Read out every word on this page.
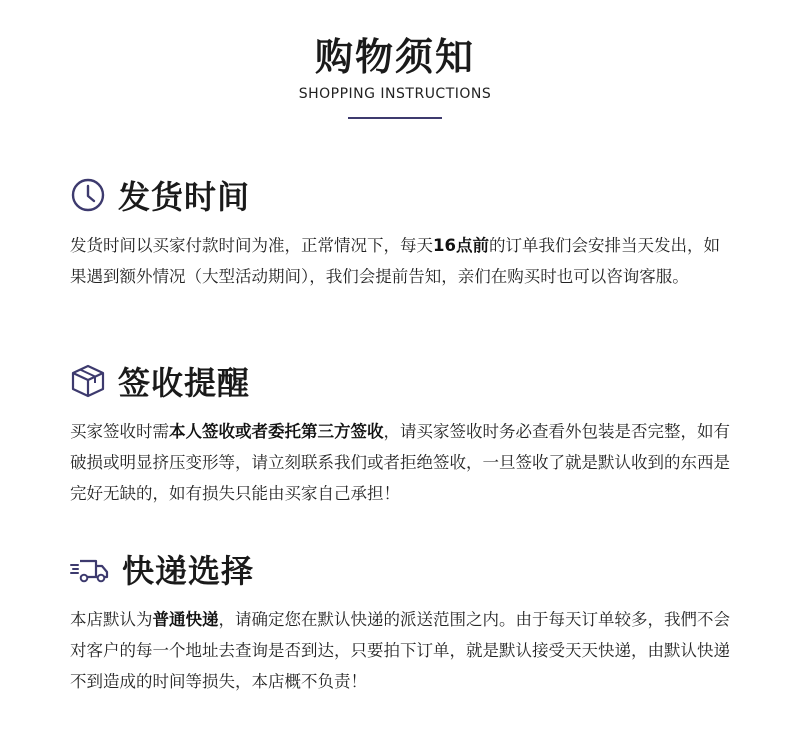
购物须知
SHOPPING INSTRUCTIONS
发货时间

发货时间以买家付款时间为准，正常情况下，每天16点前的订单我们会安排当天发出，如果遇到额外情况（大型活动期间），我们会提前告知，亲们在购买时也可以咨询客服。

签收提醒

买家签收时需本人签收或者委托第三方签收，请买家签收时务必查看外包装是否完整，如有破损或明显挤压变形等，请立刻联系我们或者拒绝签收，一旦签收了就是默认收到的东西是完好无缺的，如有损失只能由买家自己承担！

快递选择

本店默认为普通快递，请确定您在默认快递的派送范围之内。由于每天订单较多，我們不会对客户的每一个地址去查询是否到达，只要拍下订单，就是默认接受天天快递，由默认快递不到造成的时间等损失，本店概不负责！
